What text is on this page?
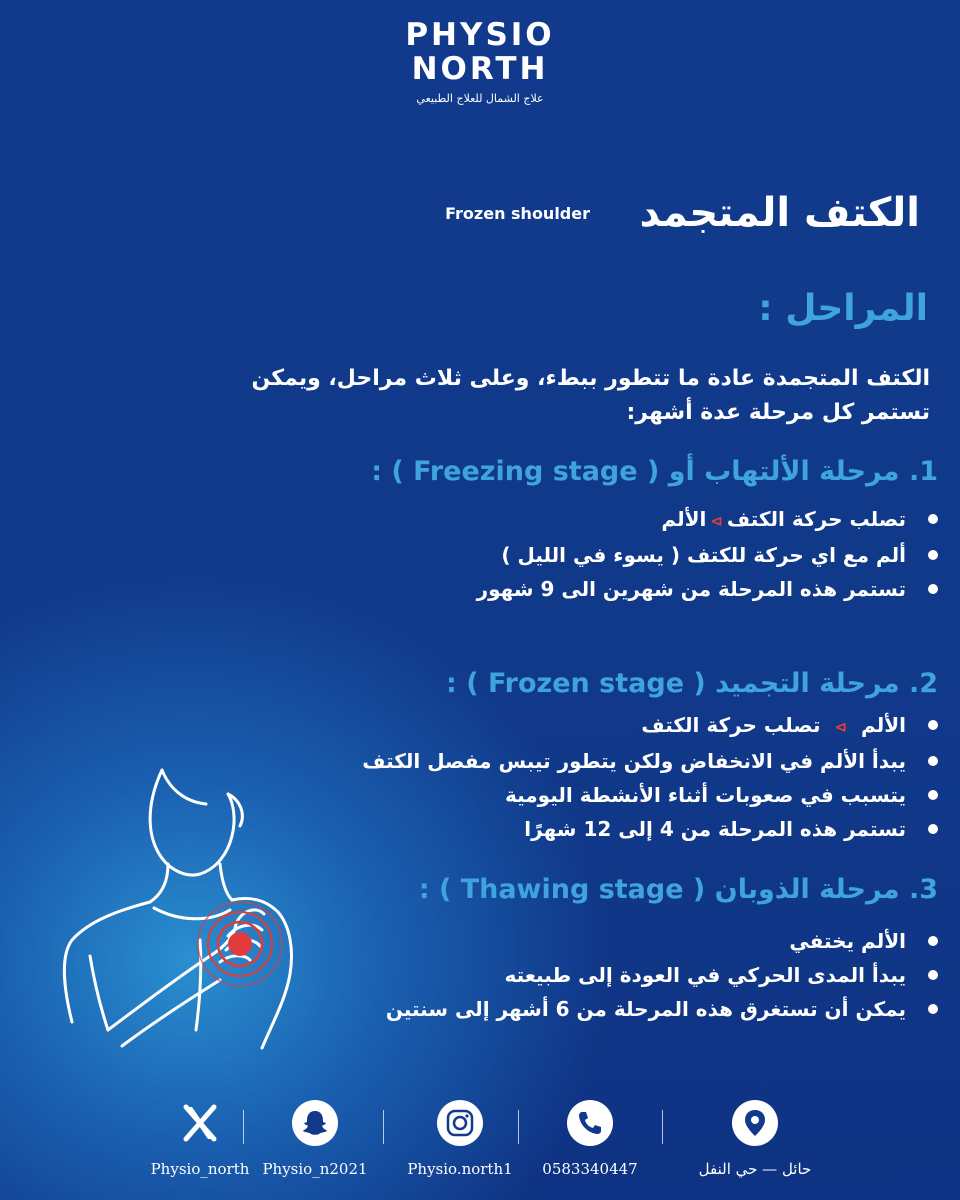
PHYSIO
NORTH
علاج الشمال للعلاج الطبيعي
الكتف المتجمد
Frozen shoulder
المراحل :
الكتف المتجمدة عادة ما تتطور ببطء، وعلى ثلاث مراحل، ويمكن تستمر كل مرحلة عدة أشهر:
1. مرحلة الألتهاب أو ( Freezing stage ) :
تصلب حركة الكتف⊳الألم
ألم مع اي حركة للكتف ( يسوء في الليل )
تستمر هذه المرحلة من شهرين الى 9 شهور
2. مرحلة التجميد ( Frozen stage ) :
الألم⊳تصلب حركة الكتف
يبدأ الألم في الانخفاض ولكن يتطور تيبس مفصل الكتف
يتسبب في صعوبات أثناء الأنشطة اليومية
تستمر هذه المرحلة من 4 إلى 12 شهرًا
3. مرحلة الذوبان ( Thawing stage ) :
الألم يختفي
يبدأ المدى الحركي في العودة إلى طبيعته
يمكن أن تستغرق هذه المرحلة من 6 أشهر إلى سنتين
Physio_north Physio_n2021	Physio.north1	0583340447	حائل — حي النفل
